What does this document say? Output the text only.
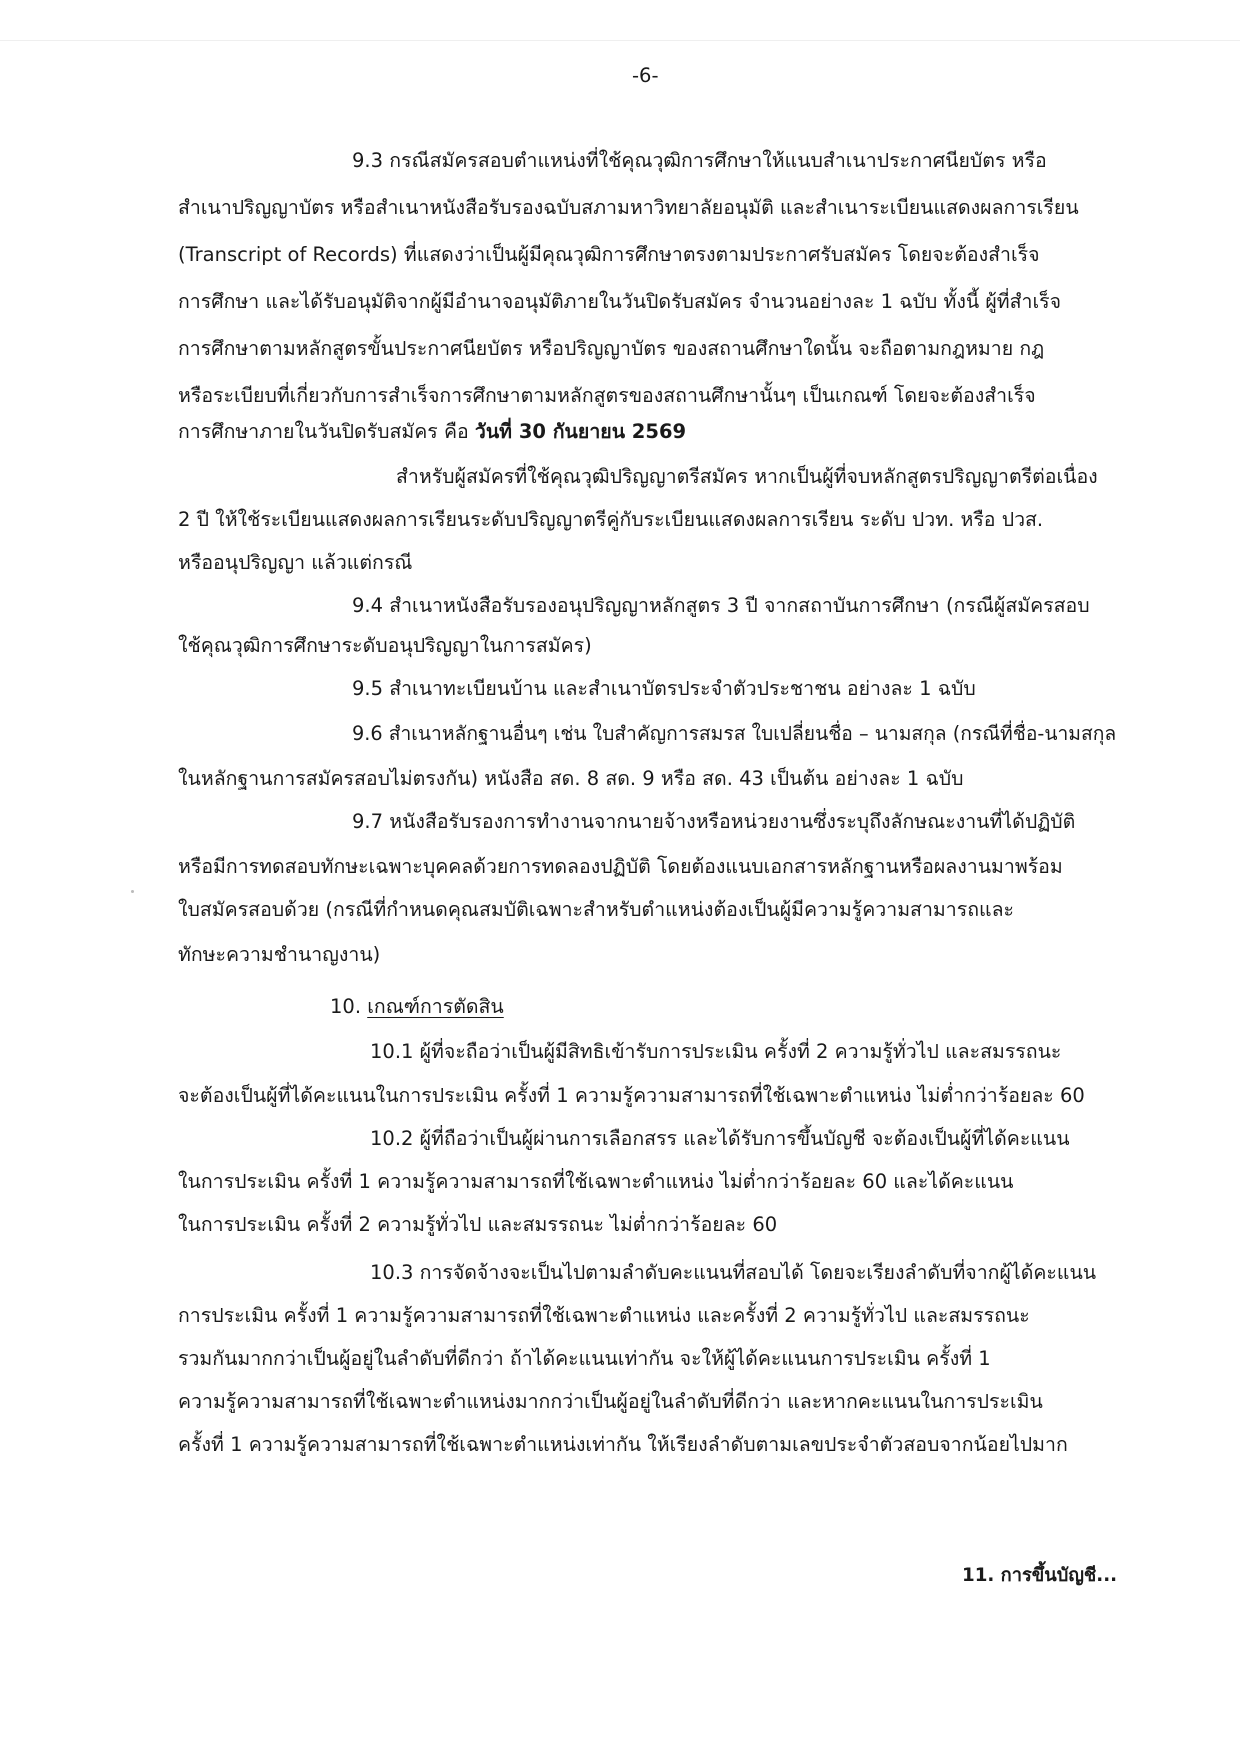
-6-
9.3 กรณีสมัครสอบตำแหน่งที่ใช้คุณวุฒิการศึกษาให้แนบสำเนาประกาศนียบัตร หรือ
สำเนาปริญญาบัตร หรือสำเนาหนังสือรับรองฉบับสภามหาวิทยาลัยอนุมัติ และสำเนาระเบียนแสดงผลการเรียน
(Transcript of Records) ที่แสดงว่าเป็นผู้มีคุณวุฒิการศึกษาตรงตามประกาศรับสมัคร โดยจะต้องสำเร็จ
การศึกษา และได้รับอนุมัติจากผู้มีอำนาจอนุมัติภายในวันปิดรับสมัคร จำนวนอย่างละ 1 ฉบับ ทั้งนี้ ผู้ที่สำเร็จ
การศึกษาตามหลักสูตรขั้นประกาศนียบัตร หรือปริญญาบัตร ของสถานศึกษาใดนั้น จะถือตามกฎหมาย กฎ
หรือระเบียบที่เกี่ยวกับการสำเร็จการศึกษาตามหลักสูตรของสถานศึกษานั้นๆ เป็นเกณฑ์ โดยจะต้องสำเร็จ
การศึกษาภายในวันปิดรับสมัคร คือ วันที่ 30 กันยายน 2569
สำหรับผู้สมัครที่ใช้คุณวุฒิปริญญาตรีสมัคร หากเป็นผู้ที่จบหลักสูตรปริญญาตรีต่อเนื่อง
2 ปี ให้ใช้ระเบียนแสดงผลการเรียนระดับปริญญาตรีคู่กับระเบียนแสดงผลการเรียน ระดับ ปวท. หรือ ปวส.
หรืออนุปริญญา แล้วแต่กรณี
9.4 สำเนาหนังสือรับรองอนุปริญญาหลักสูตร 3 ปี จากสถาบันการศึกษา (กรณีผู้สมัครสอบ
ใช้คุณวุฒิการศึกษาระดับอนุปริญญาในการสมัคร)
9.5 สำเนาทะเบียนบ้าน และสำเนาบัตรประจำตัวประชาชน อย่างละ 1 ฉบับ
9.6 สำเนาหลักฐานอื่นๆ เช่น ใบสำคัญการสมรส ใบเปลี่ยนชื่อ – นามสกุล (กรณีที่ชื่อ-นามสกุล
ในหลักฐานการสมัครสอบไม่ตรงกัน) หนังสือ สด. 8 สด. 9 หรือ สด. 43 เป็นต้น อย่างละ 1 ฉบับ
9.7 หนังสือรับรองการทำงานจากนายจ้างหรือหน่วยงานซึ่งระบุถึงลักษณะงานที่ได้ปฏิบัติ
หรือมีการทดสอบทักษะเฉพาะบุคคลด้วยการทดลองปฏิบัติ โดยต้องแนบเอกสารหลักฐานหรือผลงานมาพร้อม
ใบสมัครสอบด้วย (กรณีที่กำหนดคุณสมบัติเฉพาะสำหรับตำแหน่งต้องเป็นผู้มีความรู้ความสามารถและ
ทักษะความชำนาญงาน)
10. เกณฑ์การตัดสิน
10.1 ผู้ที่จะถือว่าเป็นผู้มีสิทธิเข้ารับการประเมิน ครั้งที่ 2 ความรู้ทั่วไป และสมรรถนะ
จะต้องเป็นผู้ที่ได้คะแนนในการประเมิน ครั้งที่ 1 ความรู้ความสามารถที่ใช้เฉพาะตำแหน่ง ไม่ต่ำกว่าร้อยละ 60
10.2 ผู้ที่ถือว่าเป็นผู้ผ่านการเลือกสรร และได้รับการขึ้นบัญชี จะต้องเป็นผู้ที่ได้คะแนน
ในการประเมิน ครั้งที่ 1 ความรู้ความสามารถที่ใช้เฉพาะตำแหน่ง ไม่ต่ำกว่าร้อยละ 60 และได้คะแนน
ในการประเมิน ครั้งที่ 2 ความรู้ทั่วไป และสมรรถนะ ไม่ต่ำกว่าร้อยละ 60
10.3 การจัดจ้างจะเป็นไปตามลำดับคะแนนที่สอบได้ โดยจะเรียงลำดับที่จากผู้ได้คะแนน
การประเมิน ครั้งที่ 1 ความรู้ความสามารถที่ใช้เฉพาะตำแหน่ง และครั้งที่ 2 ความรู้ทั่วไป และสมรรถนะ
รวมกันมากกว่าเป็นผู้อยู่ในลำดับที่ดีกว่า ถ้าได้คะแนนเท่ากัน จะให้ผู้ได้คะแนนการประเมิน ครั้งที่ 1
ความรู้ความสามารถที่ใช้เฉพาะตำแหน่งมากกว่าเป็นผู้อยู่ในลำดับที่ดีกว่า และหากคะแนนในการประเมิน
ครั้งที่ 1 ความรู้ความสามารถที่ใช้เฉพาะตำแหน่งเท่ากัน ให้เรียงลำดับตามเลขประจำตัวสอบจากน้อยไปมาก
11. การขึ้นบัญชี...
